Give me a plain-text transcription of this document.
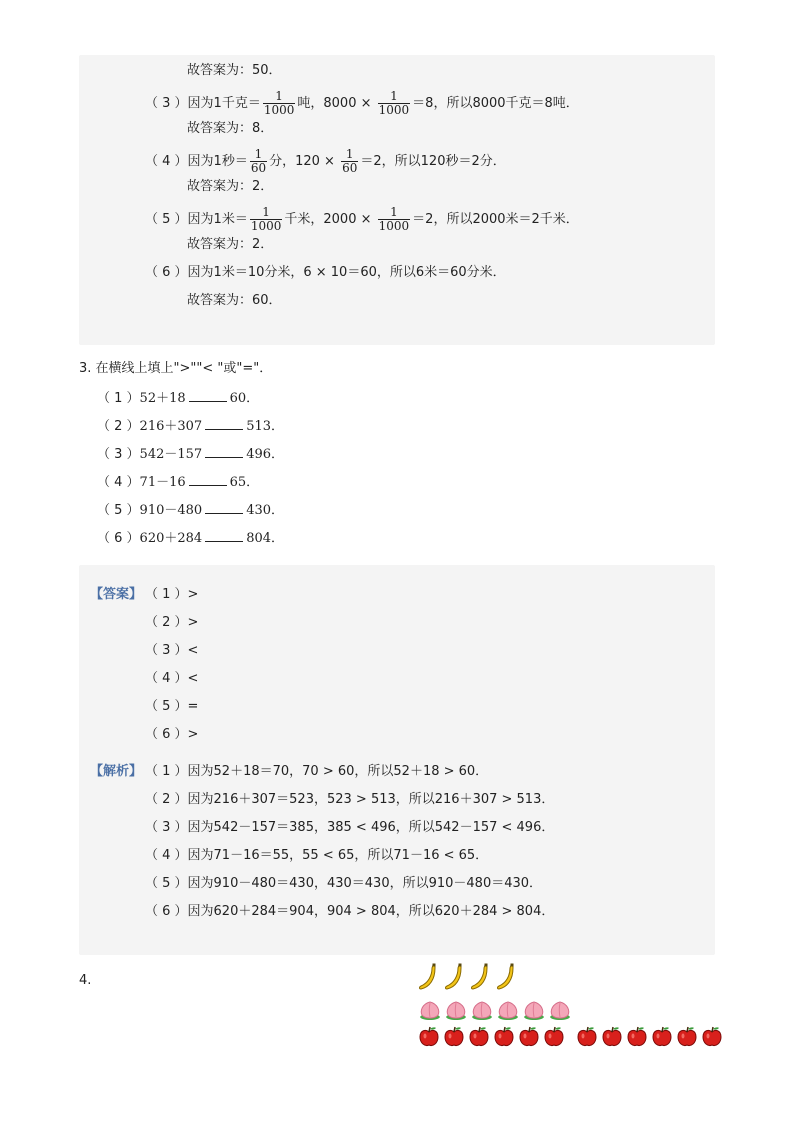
故答案为：50．
（ 3 ）因为1千克＝ $\frac{1}{1000}$ 吨，$8000 \times \frac{1}{1000} =8$，所以8000千克＝8吨．
故答案为：8．
（ 4 ）因为1秒＝ $\frac{1}{60}$ 分，$120 \times \frac{1}{60} =2$，所以120秒＝2分．
故答案为：2．
（ 5 ）因为1米＝ $\frac{1}{1000}$ 千米，$2000 \times \frac{1}{1000} =2$，所以2000米＝2千米．
故答案为：2．
（ 6 ）因为1米＝10分米，6 × 10＝60，所以6米＝60分米．
故答案为：60．
3. 在横线上填上">""< "或"="．
（ 1 ）52＋18	60．
（ 2 ）216＋307	513．
（ 3 ）542－157	496．
（ 4 ）71－16	65．
（ 5 ）910－480	430．
（ 6 ）620＋284	804．
【答案】 （ 1 ）>
（ 2 ）>
（ 3 ）<
（ 4 ）<
（ 5 ）=
（ 6 ）>
【解析】 （ 1 ）因为52＋18＝70，70 > 60，所以52＋18 > 60．
（ 2 ）因为216＋307＝523，523 > 513，所以216＋307 > 513．
（ 3 ）因为542－157＝385，385 < 496，所以542－157 < 496．
（ 4 ）因为71－16＝55，55 < 65，所以71－16 < 65．
（ 5 ）因为910－480＝430，430＝430，所以910－480＝430．
（ 6 ）因为620＋284＝904，904 > 804，所以620＋284 > 804．
4.
